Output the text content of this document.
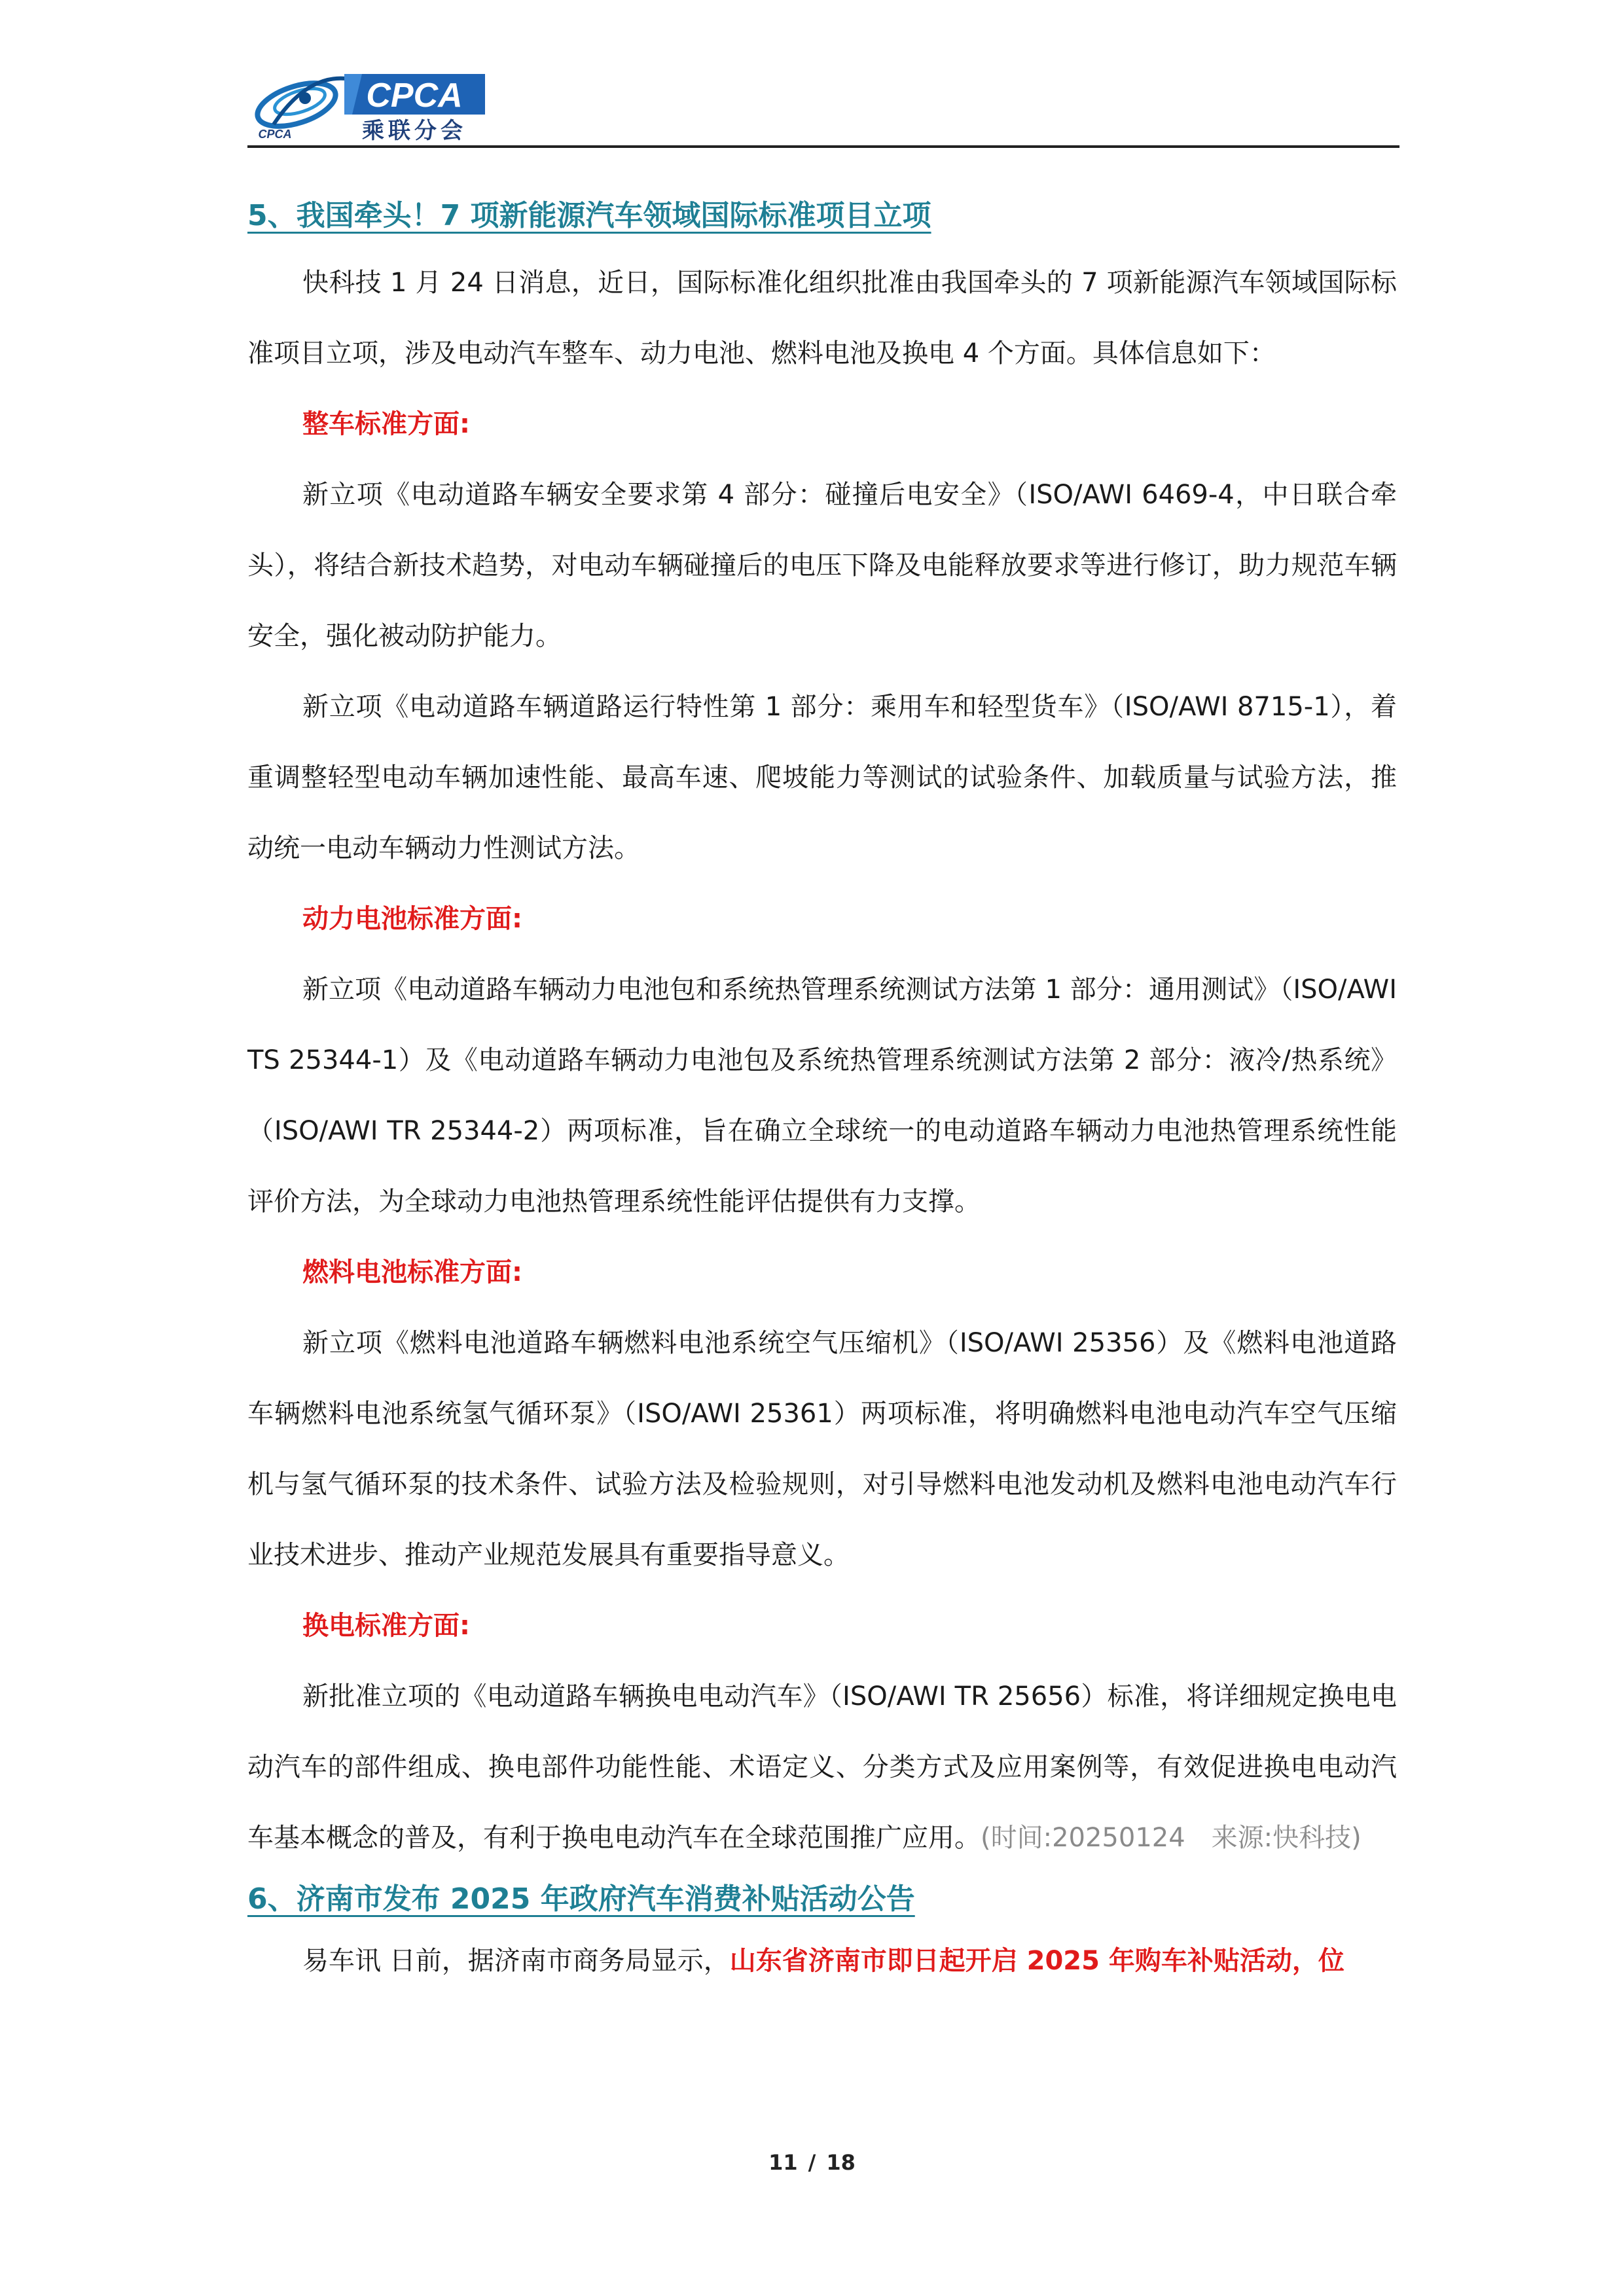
CPCA
乘联分会
CPCA
5、我国牵头！7 项新能源汽车领域国际标准项目立项

快科技 1 月 24 日消息，近日，国际标准化组织批准由我国牵头的 7 项新能源汽车领域国际标准项目立项，涉及电动汽车整车、动力电池、燃料电池及换电 4 个方面。具体信息如下：

整车标准方面:

新立项《电动道路车辆安全要求第 4 部分：碰撞后电安全》（ISO/AWI 6469-4，中日联合牵头），将结合新技术趋势，对电动车辆碰撞后的电压下降及电能释放要求等进行修订，助力规范车辆安全，强化被动防护能力。

新立项《电动道路车辆道路运行特性第 1 部分：乘用车和轻型货车》（ISO/AWI 8715-1），着重调整轻型电动车辆加速性能、最高车速、爬坡能力等测试的试验条件、加载质量与试验方法，推动统一电动车辆动力性测试方法。

动力电池标准方面:

新立项《电动道路车辆动力电池包和系统热管理系统测试方法第 1 部分：通用测试》（ISO/AWI TS 25344-1）及《电动道路车辆动力电池包及系统热管理系统测试方法第 2 部分：液冷/热系统》（ISO/AWI TR 25344-2）两项标准，旨在确立全球统一的电动道路车辆动力电池热管理系统性能评价方法，为全球动力电池热管理系统性能评估提供有力支撑。

燃料电池标准方面:

新立项《燃料电池道路车辆燃料电池系统空气压缩机》（ISO/AWI 25356）及《燃料电池道路车辆燃料电池系统氢气循环泵》（ISO/AWI 25361）两项标准，将明确燃料电池电动汽车空气压缩机与氢气循环泵的技术条件、试验方法及检验规则，对引导燃料电池发动机及燃料电池电动汽车行业技术进步、推动产业规范发展具有重要指导意义。

换电标准方面:

新批准立项的《电动道路车辆换电电动汽车》（ISO/AWI TR 25656）标准，将详细规定换电电动汽车的部件组成、换电部件功能性能、术语定义、分类方式及应用案例等，有效促进换电电动汽车基本概念的普及，有利于换电电动汽车在全球范围推广应用。(时间:20250124　来源:快科技)

6、济南市发布 2025 年政府汽车消费补贴活动公告

易车讯 日前，据济南市商务局显示，山东省济南市即日起开启 2025 年购车补贴活动，位

11 / 18
